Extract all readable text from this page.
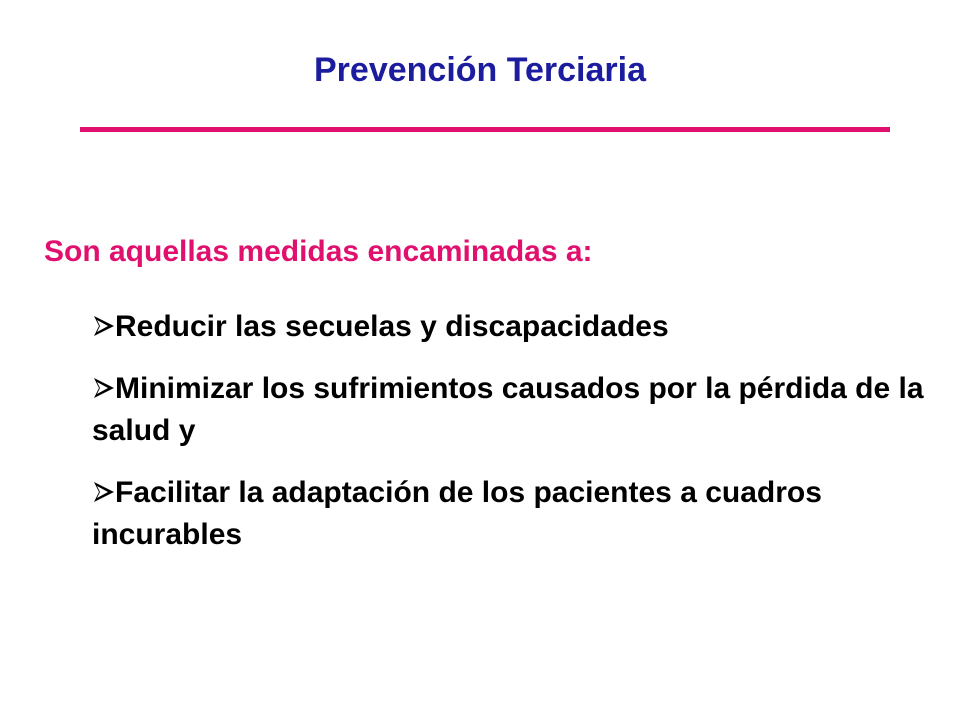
Prevención Terciaria

Son aquellas medidas encaminadas a:

Reducir las secuelas y discapacidades
Minimizar los sufrimientos causados por la pérdida de la salud y
Facilitar la adaptación de los pacientes a cuadros incurables
